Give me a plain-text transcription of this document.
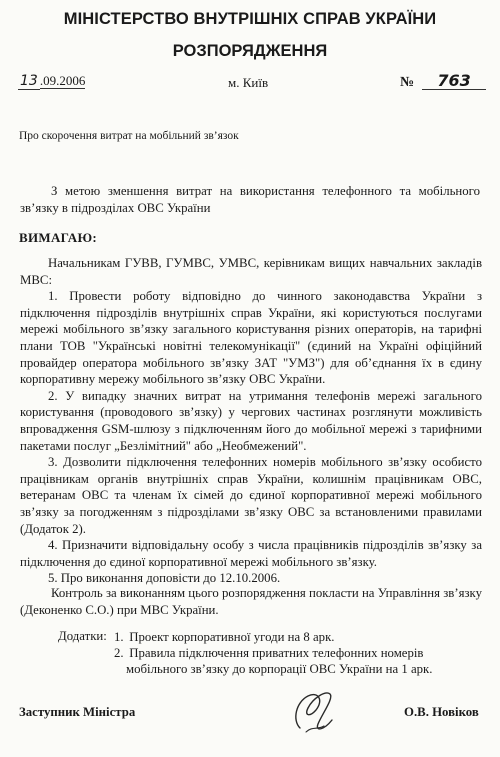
МІНІСТЕРСТВО ВНУТРІШНІХ СПРАВ УКРАЇНИ
РОЗПОРЯДЖЕННЯ
13 .09.2006	м. Київ	№ 763
Про скорочення витрат на мобільний зв’язок
З метою зменшення витрат на використання телефонного та мобільного зв’язку в підрозділах ОВС України
ВИМАГАЮ:

Начальникам ГУВВ, ГУМВС, УМВС, керівникам вищих навчальних закладів МВС:

1. Провести роботу відповідно до чинного законодавства України з підключення підрозділів внутрішніх справ України, які користуються послугами мережі мобільного зв’язку загального користування різних операторів, на тарифні плани ТОВ "Українські новітні телекомунікації" (єдиний на Україні офіційний провайдер оператора мобільного зв’язку ЗАТ "УМЗ") для об’єднання їх в єдину корпоративну мережу мобільного зв’язку ОВС України.

2. У випадку значних витрат на утримання телефонів мережі загального користування (проводового зв’язку) у чергових частинах розглянути можливість впровадження GSM-шлюзу з підключенням його до мобільної мережі з тарифними пакетами послуг „Безлімітний" або „Необмежений".

3. Дозволити підключення телефонних номерів мобільного зв’язку особисто працівникам органів внутрішніх справ України, колишнім працівникам ОВС, ветеранам ОВС та членам їх сімей до єдиної корпоративної мережі мобільного зв’язку за погодженням з підрозділами зв’язку ОВС за встановленими правилами (Додаток 2).

4. Призначити відповідальну особу з числа працівників підрозділів зв’язку за підключення до єдиної корпоративної мережі мобільного зв’язку.

5. Про виконання доповісти до 12.10.2006.

Контроль за виконанням цього розпорядження покласти на Управління зв’язку (Деконенко С.О.) при МВС України.
Додатки: 1. Проект корпоративної угоди на 8 арк.
2. Правила підключення приватних телефонних номерів
мобільного зв’язку до корпорації ОВС України на 1 арк.
Заступник Міністра	О.В. Новіков
